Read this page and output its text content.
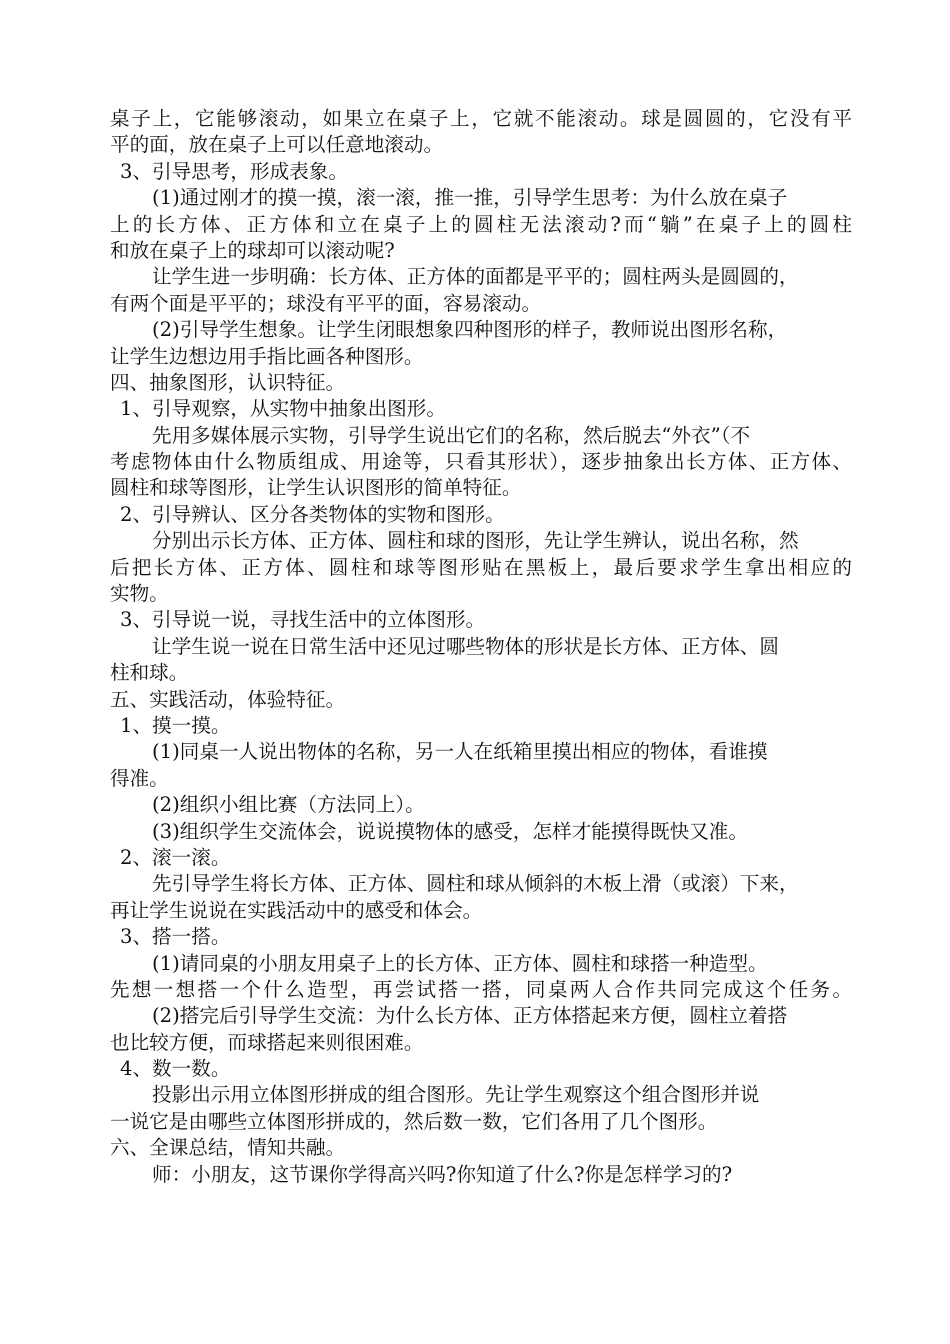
桌子上，它能够滚动，如果立在桌子上，它就不能滚动。球是圆圆的，它没有平
平的面，放在桌子上可以任意地滚动。
3、引导思考，形成表象。
(1)通过刚才的摸一摸，滚一滚，推一推，引导学生思考：为什么放在桌子
上的长方体、正方体和立在桌子上的圆柱无法滚动?而“躺”在桌子上的圆柱
和放在桌子上的球却可以滚动呢?
让学生进一步明确：长方体、正方体的面都是平平的；圆柱两头是圆圆的，
有两个面是平平的；球没有平平的面，容易滚动。
(2)引导学生想象。让学生闭眼想象四种图形的样子，教师说出图形名称，
让学生边想边用手指比画各种图形。
四、抽象图形，认识特征。
1、引导观察，从实物中抽象出图形。
先用多媒体展示实物，引导学生说出它们的名称，然后脱去“外衣”（不
考虑物体由什么物质组成、用途等，只看其形状），逐步抽象出长方体、正方体、
圆柱和球等图形，让学生认识图形的简单特征。
2、引导辨认、区分各类物体的实物和图形。
分别出示长方体、正方体、圆柱和球的图形，先让学生辨认，说出名称，然
后把长方体、正方体、圆柱和球等图形贴在黑板上，最后要求学生拿出相应的
实物。
3、引导说一说，寻找生活中的立体图形。
让学生说一说在日常生活中还见过哪些物体的形状是长方体、正方体、圆
柱和球。
五、实践活动，体验特征。
1、摸一摸。
(1)同桌一人说出物体的名称，另一人在纸箱里摸出相应的物体，看谁摸
得准。
(2)组织小组比赛（方法同上）。
(3)组织学生交流体会，说说摸物体的感受，怎样才能摸得既快又准。
2、滚一滚。
先引导学生将长方体、正方体、圆柱和球从倾斜的木板上滑（或滚）下来，
再让学生说说在实践活动中的感受和体会。
3、搭一搭。
(1)请同桌的小朋友用桌子上的长方体、正方体、圆柱和球搭一种造型。
先想一想搭一个什么造型，再尝试搭一搭，同桌两人合作共同完成这个任务。
(2)搭完后引导学生交流：为什么长方体、正方体搭起来方便，圆柱立着搭
也比较方便，而球搭起来则很困难。
4、数一数。
投影出示用立体图形拼成的组合图形。先让学生观察这个组合图形并说
一说它是由哪些立体图形拼成的，然后数一数，它们各用了几个图形。
六、全课总结，情知共融。
师：小朋友，这节课你学得高兴吗?你知道了什么?你是怎样学习的?
